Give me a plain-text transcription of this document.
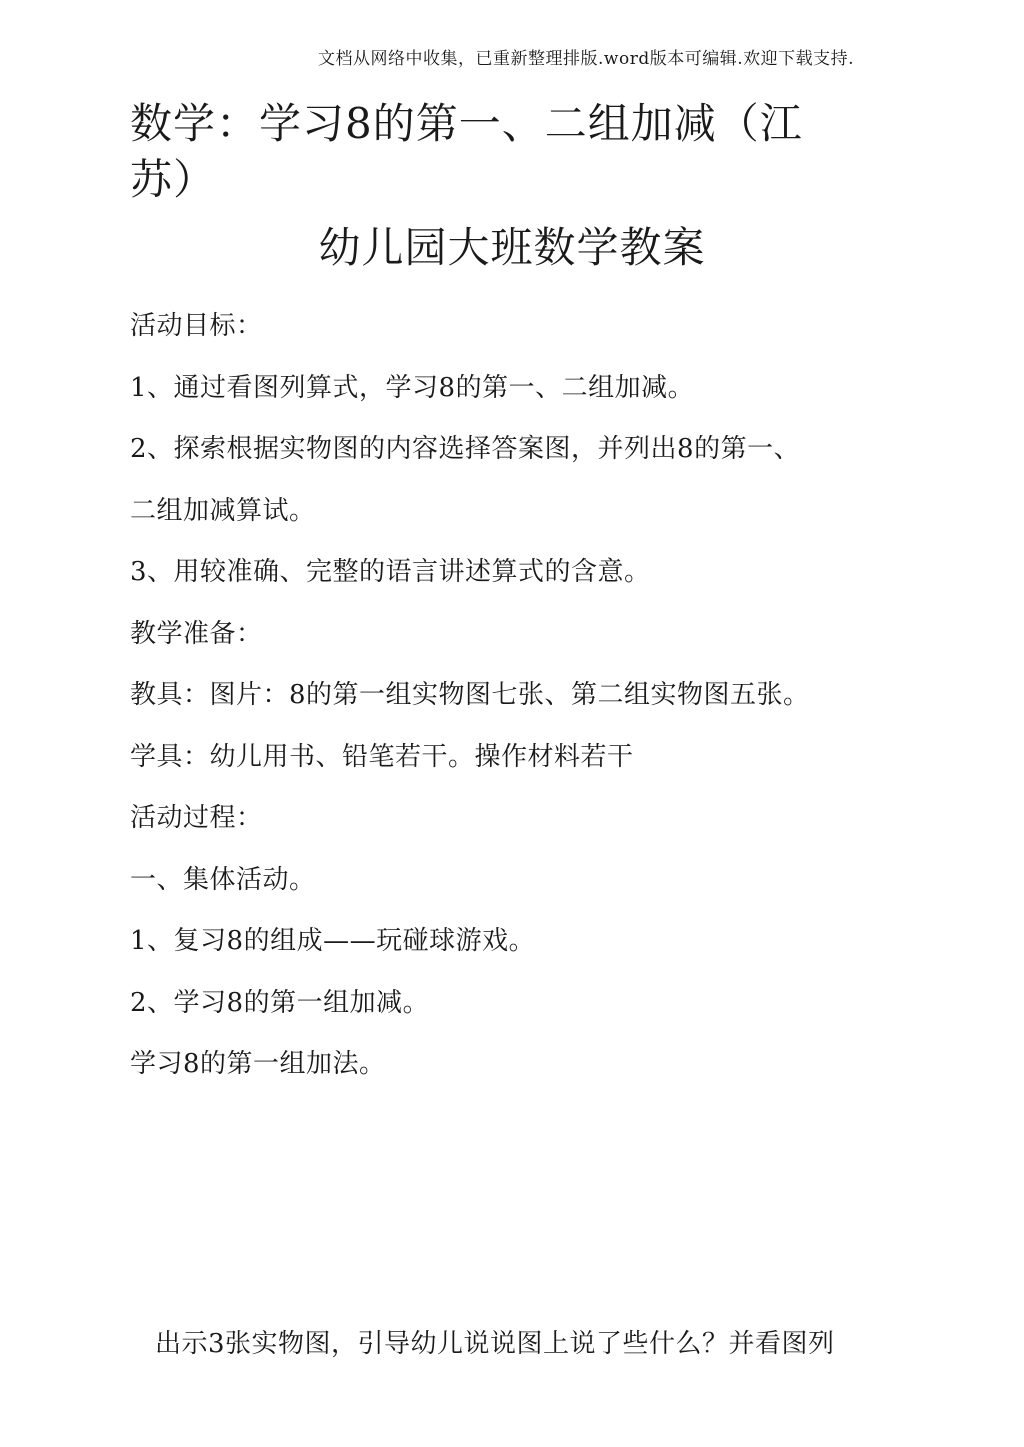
文档从网络中收集，已重新整理排版.word版本可编辑.欢迎下载支持.
数学：学习8的第一、二组加减（江苏）
幼儿园大班数学教案
活动目标：
1、通过看图列算式，学习8的第一、二组加减。
2、探索根据实物图的内容选择答案图，并列出8的第一、
二组加减算试。
3、用较准确、完整的语言讲述算式的含意。
教学准备：
教具：图片：8的第一组实物图七张、第二组实物图五张。
学具：幼儿用书、铅笔若干。操作材料若干
活动过程：
一、集体活动。
1、复习8的组成——玩碰球游戏。
2、学习8的第一组加减。
学习8的第一组加法。
出示3张实物图，引导幼儿说说图上说了些什么？并看图列
